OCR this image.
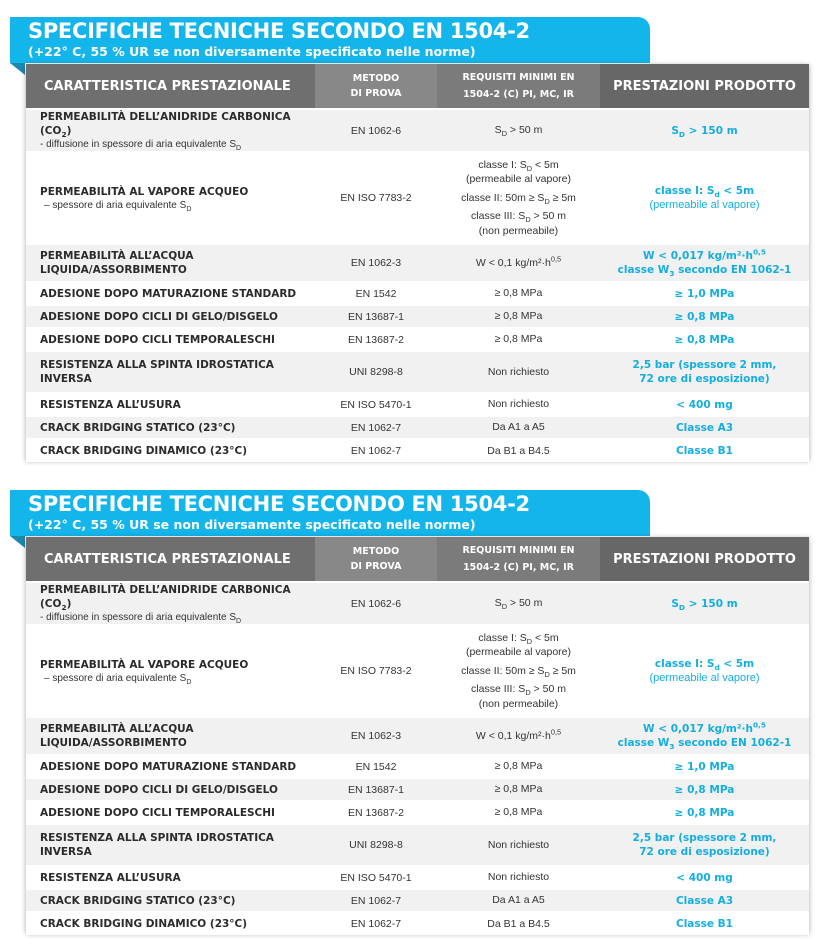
SPECIFICHE TECNICHE SECONDO EN 1504-2
(+22° C, 55 % UR se non diversamente specificato nelle norme)
CARATTERISTICA PRESTAZIONALE	METODO
DI PROVA	REQUISITI MINIMI EN
1504-2 (C) PI, MC, IR	PRESTAZIONI PRODOTTO

PERMEABILITÀ DELL’ANIDRIDE CARBONICA $(CO_2)$
- diffusione in spessore di aria equivalente $S_D$	EN 1062-6	$S_D > 50$ m	$S_D > 150$ m

PERMEABILITÀ AL VAPORE ACQUEO
– spessore di aria equivalente $S_D$	EN ISO 7783-2	classe I: $S_D < 5m$
(permeabile al vapore)
classe II: $50m \ge S_D \ge 5m$
classe III: $S_D > 50$ m
(non permeabile)	classe I: $S_d < 5m$
(permeabile al vapore)

PERMEABILITÀ ALL’ACQUA LIQUIDA/ASSORBIMENTO	EN 1062-3	W < 0,1 $kg/m^2\cdot h^{0,5}$	W < 0,017 $kg/m^2\cdot h^{0,5}$
classe $W_3$ secondo EN 1062-1

ADESIONE DOPO MATURAZIONE STANDARD	EN 1542	≥ 0,8 MPa	≥ 1,0 MPa

ADESIONE DOPO CICLI DI GELO/DISGELO	EN 13687-1	≥ 0,8 MPa	≥ 0,8 MPa

ADESIONE DOPO CICLI TEMPORALESCHI	EN 13687-2	≥ 0,8 MPa	≥ 0,8 MPa

RESISTENZA ALLA SPINTA IDROSTATICA INVERSA	UNI 8298-8	Non richiesto	2,5 bar (spessore 2 mm,
72 ore di esposizione)

RESISTENZA ALL’USURA	EN ISO 5470-1	Non richiesto	< 400 mg

CRACK BRIDGING STATICO (23°C)	EN 1062-7	Da A1 a A5	Classe A3

CRACK BRIDGING DINAMICO (23°C)	EN 1062-7	Da B1 a B4.5	Classe B1
SPECIFICHE TECNICHE SECONDO EN 1504-2
(+22° C, 55 % UR se non diversamente specificato nelle norme)
CARATTERISTICA PRESTAZIONALE	METODO
DI PROVA	REQUISITI MINIMI EN
1504-2 (C) PI, MC, IR	PRESTAZIONI PRODOTTO

PERMEABILITÀ DELL’ANIDRIDE CARBONICA $(CO_2)$
- diffusione in spessore di aria equivalente $S_D$	EN 1062-6	$S_D > 50$ m	$S_D > 150$ m

PERMEABILITÀ AL VAPORE ACQUEO
– spessore di aria equivalente $S_D$	EN ISO 7783-2	classe I: $S_D < 5m$
(permeabile al vapore)
classe II: $50m \ge S_D \ge 5m$
classe III: $S_D > 50$ m
(non permeabile)	classe I: $S_d < 5m$
(permeabile al vapore)

PERMEABILITÀ ALL’ACQUA LIQUIDA/ASSORBIMENTO	EN 1062-3	W < 0,1 $kg/m^2\cdot h^{0,5}$	W < 0,017 $kg/m^2\cdot h^{0,5}$
classe $W_3$ secondo EN 1062-1

ADESIONE DOPO MATURAZIONE STANDARD	EN 1542	≥ 0,8 MPa	≥ 1,0 MPa

ADESIONE DOPO CICLI DI GELO/DISGELO	EN 13687-1	≥ 0,8 MPa	≥ 0,8 MPa

ADESIONE DOPO CICLI TEMPORALESCHI	EN 13687-2	≥ 0,8 MPa	≥ 0,8 MPa

RESISTENZA ALLA SPINTA IDROSTATICA INVERSA	UNI 8298-8	Non richiesto	2,5 bar (spessore 2 mm,
72 ore di esposizione)

RESISTENZA ALL’USURA	EN ISO 5470-1	Non richiesto	< 400 mg

CRACK BRIDGING STATICO (23°C)	EN 1062-7	Da A1 a A5	Classe A3

CRACK BRIDGING DINAMICO (23°C)	EN 1062-7	Da B1 a B4.5	Classe B1
